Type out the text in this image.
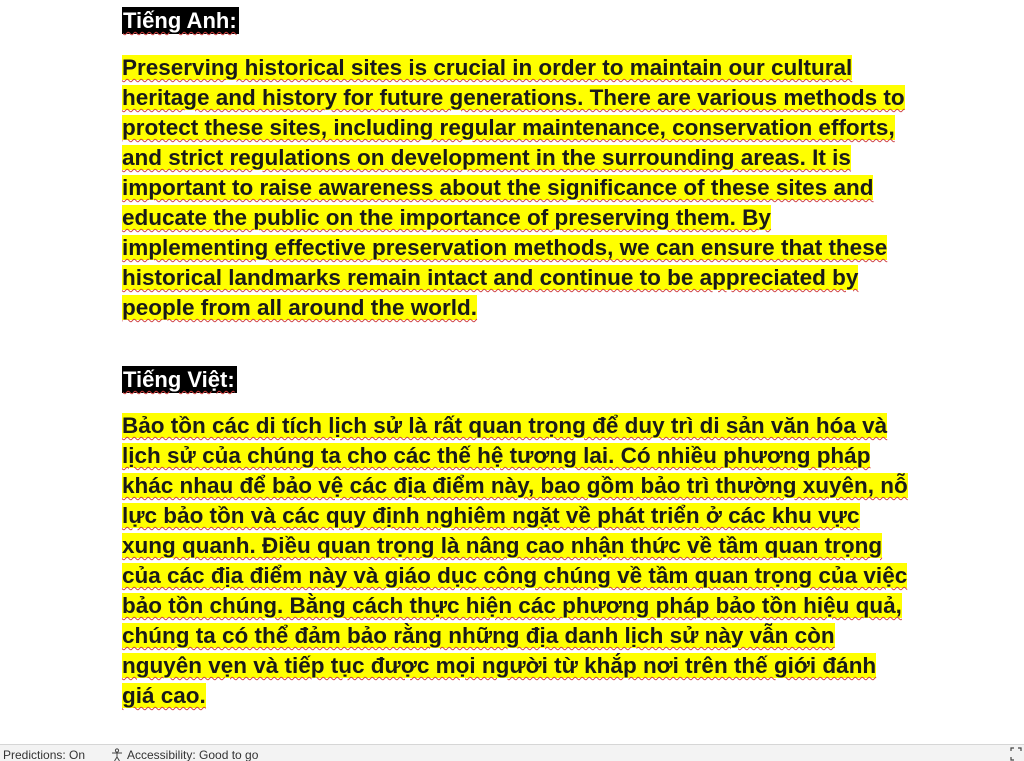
Tiếng Anh:

Preserving historical sites is crucial in order to maintain our cultural heritage and history for future generations. There are various methods to protect these sites, including regular maintenance, conservation efforts, and strict regulations on development in the surrounding areas. It is important to raise awareness about the significance of these sites and educate the public on the importance of preserving them. By implementing effective preservation methods, we can ensure that these historical landmarks remain intact and continue to be appreciated by people from all around the world.

Tiếng Việt:

Bảo tồn các di tích lịch sử là rất quan trọng để duy trì di sản văn hóa và lịch sử của chúng ta cho các thế hệ tương lai. Có nhiều phương pháp khác nhau để bảo vệ các địa điểm này, bao gồm bảo trì thường xuyên, nỗ lực bảo tồn và các quy định nghiêm ngặt về phát triển ở các khu vực xung quanh. Điều quan trọng là nâng cao nhận thức về tầm quan trọng của các địa điểm này và giáo dục công chúng về tầm quan trọng của việc bảo tồn chúng. Bằng cách thực hiện các phương pháp bảo tồn hiệu quả, chúng ta có thể đảm bảo rằng những địa danh lịch sử này vẫn còn nguyên vẹn và tiếp tục được mọi người từ khắp nơi trên thế giới đánh giá cao.

Predictions: On	Accessibility: Good to go
